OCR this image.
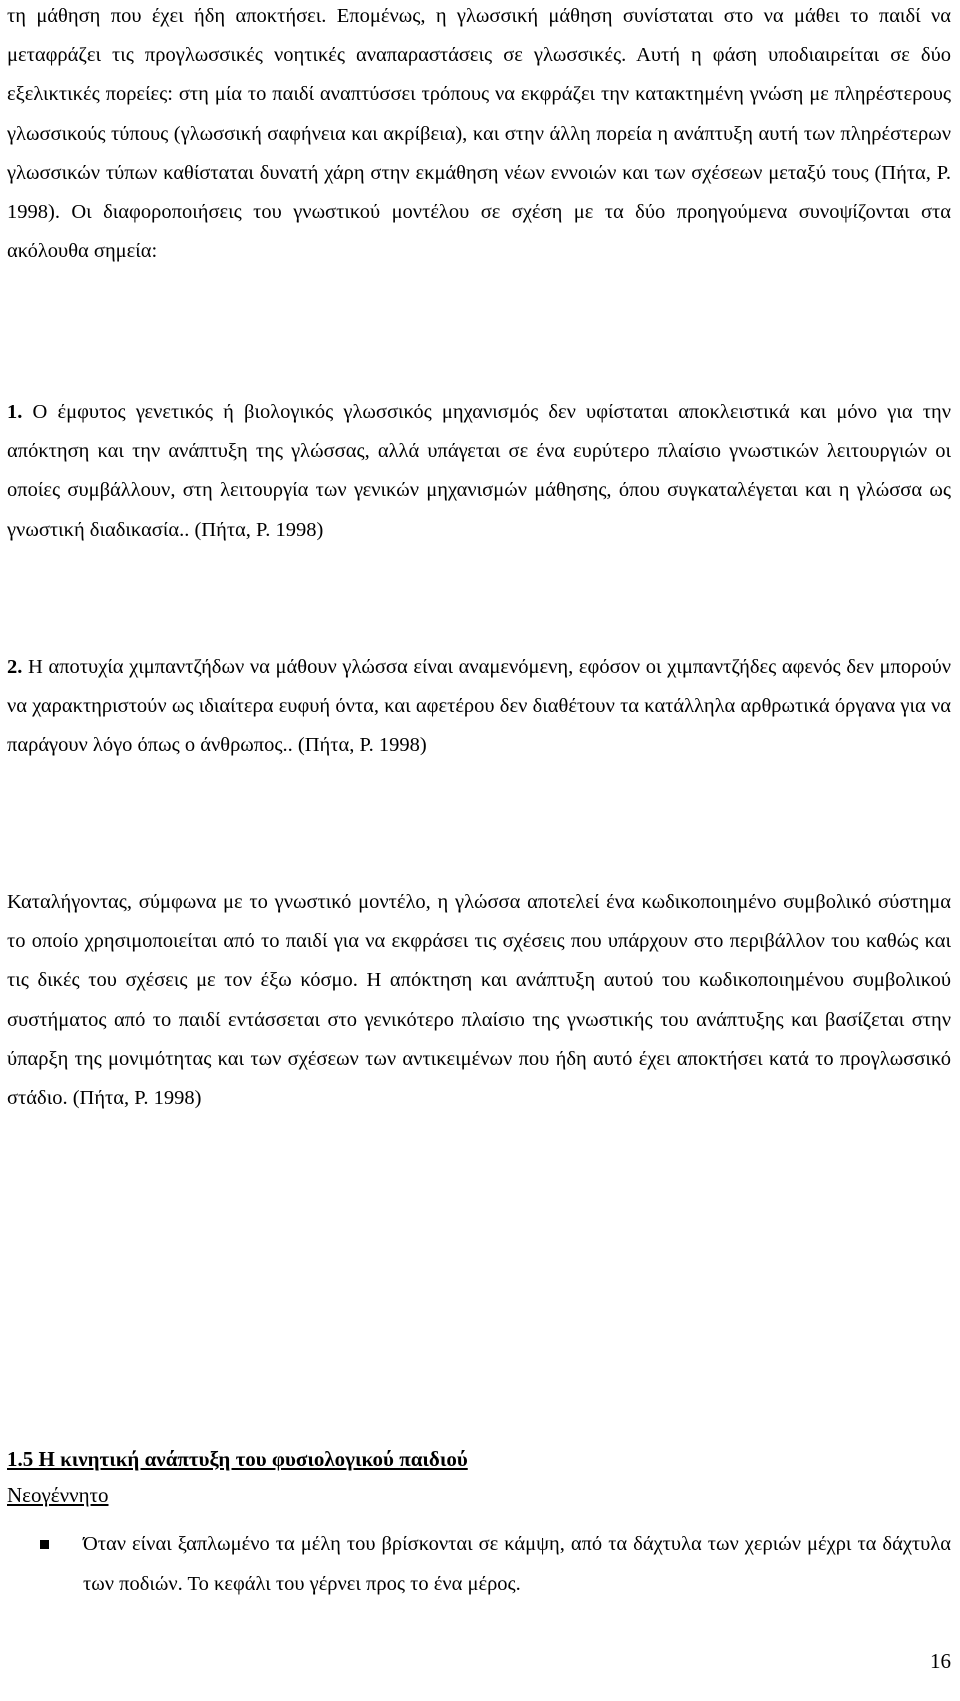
τη μάθηση που έχει ήδη αποκτήσει. Επομένως, η γλωσσική μάθηση συνίσταται στο να μάθει το παιδί να μεταφράζει τις προγλωσσικές νοητικές αναπαραστάσεις σε γλωσσικές. Αυτή η φάση υποδιαιρείται σε δύο εξελικτικές πορείες: στη μία το παιδί αναπτύσσει τρόπους να εκφράζει την κατακτημένη γνώση με πληρέστερους γλωσσικούς τύπους (γλωσσική σαφήνεια και ακρίβεια), και στην άλλη πορεία η ανάπτυξη αυτή των πληρέστερων γλωσσικών τύπων καθίσταται δυνατή χάρη στην εκμάθηση νέων εννοιών και των σχέσεων μεταξύ τους (Πήτα, Ρ. 1998). Οι διαφοροποιήσεις του γνωστικού μοντέλου σε σχέση με τα δύο προηγούμενα συνοψίζονται στα ακόλουθα σημεία:

1. Ο έμφυτος γενετικός ή βιολογικός γλωσσικός μηχανισμός δεν υφίσταται αποκλειστικά και μόνο για την απόκτηση και την ανάπτυξη της γλώσσας, αλλά υπάγεται σε ένα ευρύτερο πλαίσιο γνωστικών λειτουργιών οι οποίες συμβάλλουν, στη λειτουργία των γενικών μηχανισμών μάθησης, όπου συγκαταλέγεται και η γλώσσα ως γνωστική διαδικασία.. (Πήτα, Ρ. 1998)

2. Η αποτυχία χιμπαντζήδων να μάθουν γλώσσα είναι αναμενόμενη, εφόσον οι χιμπαντζήδες αφενός δεν μπορούν να χαρακτηριστούν ως ιδιαίτερα ευφυή όντα, και αφετέρου δεν διαθέτουν τα κατάλληλα αρθρωτικά όργανα για να παράγουν λόγο όπως ο άνθρωπος.. (Πήτα, Ρ. 1998)

Καταλήγοντας, σύμφωνα με το γνωστικό μοντέλο, η γλώσσα αποτελεί ένα κωδικοποιημένο συμβολικό σύστημα το οποίο χρησιμοποιείται από το παιδί για να εκφράσει τις σχέσεις που υπάρχουν στο περιβάλλον του καθώς και τις δικές του σχέσεις με τον έξω κόσμο. Η απόκτηση και ανάπτυξη αυτού του κωδικοποιημένου συμβολικού συστήματος από το παιδί εντάσσεται στο γενικότερο πλαίσιο της γνωστικής του ανάπτυξης και βασίζεται στην ύπαρξη της μονιμότητας και των σχέσεων των αντικειμένων που ήδη αυτό έχει αποκτήσει κατά το προγλωσσικό στάδιο. (Πήτα, Ρ. 1998)

1.5 Η κινητική ανάπτυξη του φυσιολογικού παιδιού
Νεογέννητο
Όταν είναι ξαπλωμένο τα μέλη του βρίσκονται σε κάμψη, από τα δάχτυλα των χεριών μέχρι τα δάχτυλα των ποδιών. Το κεφάλι του γέρνει προς το ένα μέρος.
16
